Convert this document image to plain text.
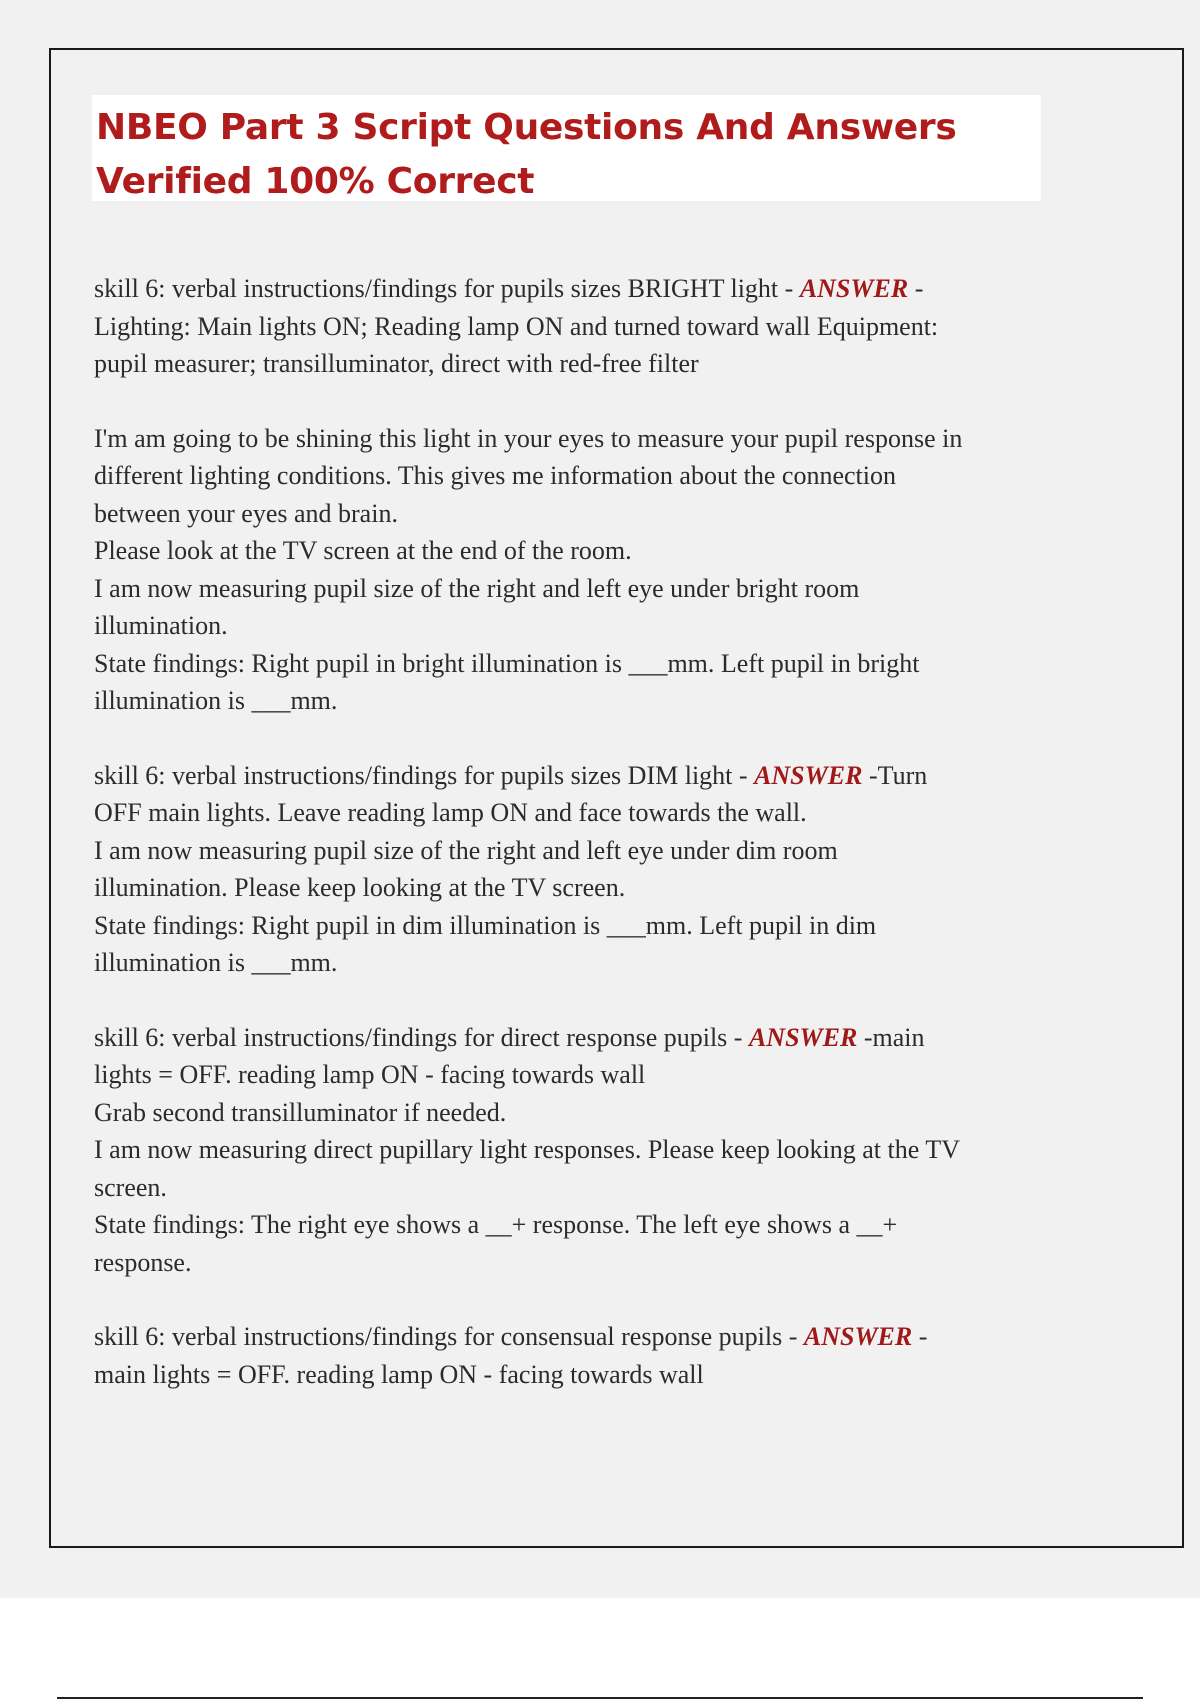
NBEO Part 3 Script Questions And Answers
Verified 100% Correct

skill 6: verbal instructions/findings for pupils sizes BRIGHT light - ANSWER -
Lighting: Main lights ON; Reading lamp ON and turned toward wall Equipment:
pupil measurer; transilluminator, direct with red-free filter

I'm am going to be shining this light in your eyes to measure your pupil response in
different lighting conditions. This gives me information about the connection
between your eyes and brain.
Please look at the TV screen at the end of the room.
I am now measuring pupil size of the right and left eye under bright room
illumination.
State findings: Right pupil in bright illumination is ___mm. Left pupil in bright
illumination is ___mm.

skill 6: verbal instructions/findings for pupils sizes DIM light - ANSWER -Turn
OFF main lights. Leave reading lamp ON and face towards the wall.
I am now measuring pupil size of the right and left eye under dim room
illumination. Please keep looking at the TV screen.
State findings: Right pupil in dim illumination is ___mm. Left pupil in dim
illumination is ___mm.

skill 6: verbal instructions/findings for direct response pupils - ANSWER -main
lights = OFF. reading lamp ON - facing towards wall
Grab second transilluminator if needed.
I am now measuring direct pupillary light responses. Please keep looking at the TV
screen.
State findings: The right eye shows a __+ response. The left eye shows a __+
response.

skill 6: verbal instructions/findings for consensual response pupils - ANSWER -
main lights = OFF. reading lamp ON - facing towards wall
